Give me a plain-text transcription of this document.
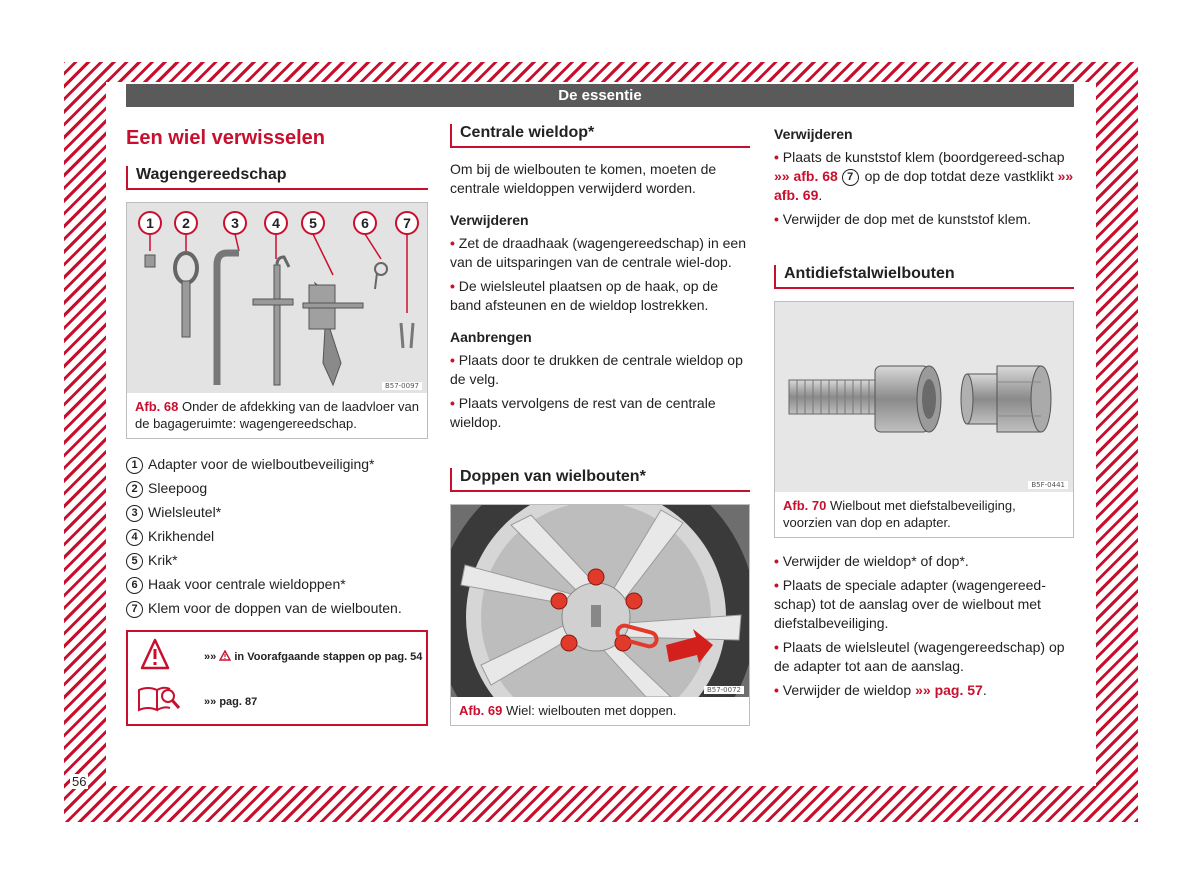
De essentie
56
Een wiel verwisselen
Wagengereedschap
1 2	3 4 5	6 7
B57-0097
Afb. 68 Onder de afdekking van de laadvloer van de bagageruimte: wagengereedschap.
1 Adapter voor de wielboutbeveiliging*
2 Sleepoog
3 Wielsleutel*
4 Krikhendel
5 Krik*
6 Haak voor centrale wieldoppen*
7 Klem voor de doppen van de wielbouten.
»» in Voorafgaande stappen op pag. 54
»» pag. 87
Centrale wieldop*
Om bij de wielbouten te komen, moeten de centrale wieldoppen verwijderd worden.
Verwijderen
• Zet de draadhaak (wagengereedschap) in een van de uitsparingen van de centrale wiel-dop.
• De wielsleutel plaatsen op de haak, op de band afsteunen en de wieldop lostrekken.
Aanbrengen
• Plaats door te drukken de centrale wieldop op de velg.
• Plaats vervolgens de rest van de centrale wieldop.
Doppen van wielbouten*
B57-0072
Afb. 69 Wiel: wielbouten met doppen.
Verwijderen
• Plaats de kunststof klem (boordgereed-schap »» afb. 68 7 op de dop totdat deze vastklikt »» afb. 69.
• Verwijder de dop met de kunststof klem.
Antidiefstalwielbouten
B5F-0441
Afb. 70 Wielbout met diefstalbeveiliging, voorzien van dop en adapter.
• Verwijder de wieldop* of dop*.
• Plaats de speciale adapter (wagengereed-schap) tot de aanslag over de wielbout met diefstalbeveiliging.
• Plaats de wielsleutel (wagengereedschap) op de adapter tot aan de aanslag.
• Verwijder de wieldop »» pag. 57.
